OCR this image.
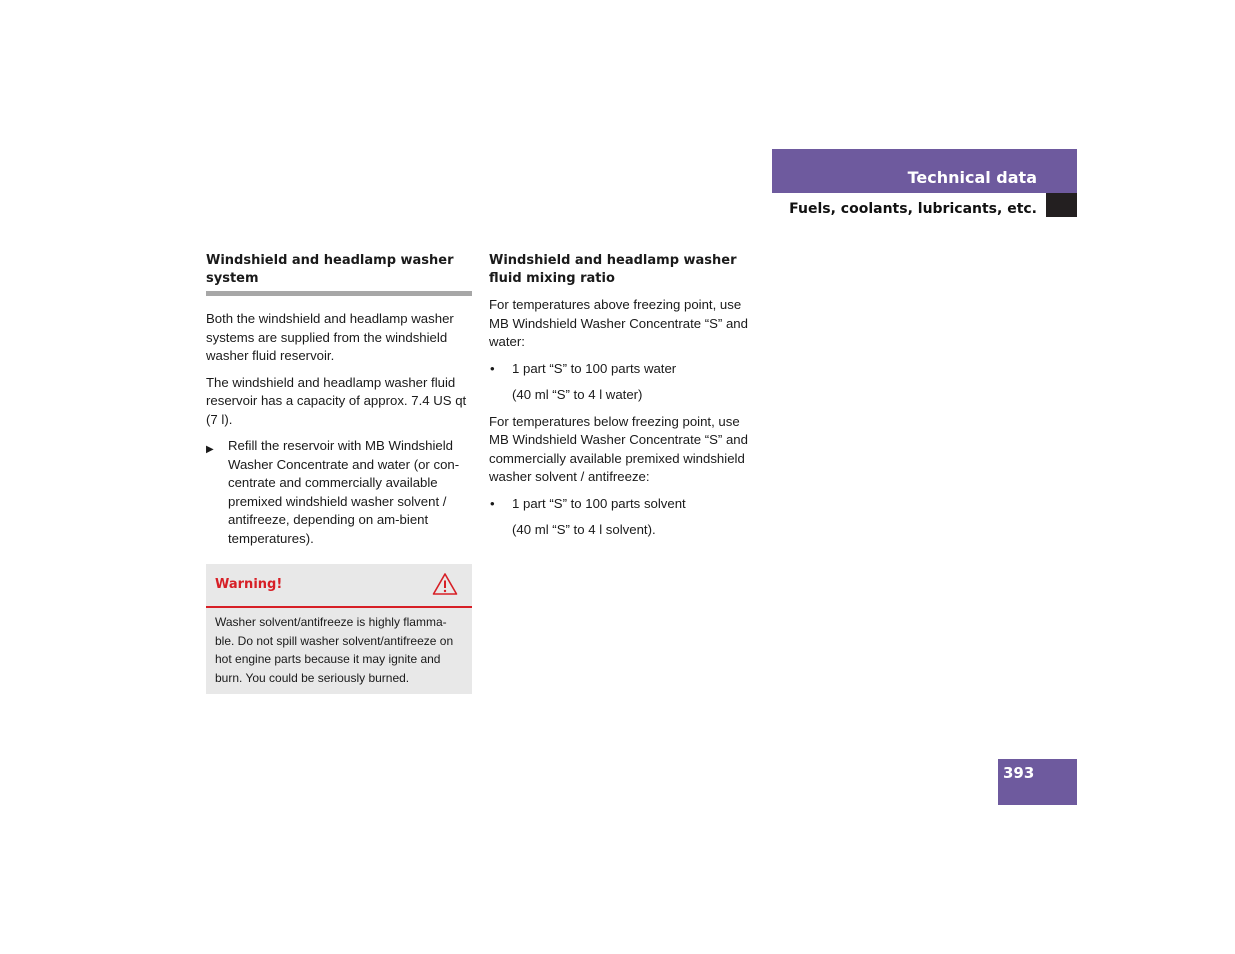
Technical data
Fuels, coolants, lubricants, etc.
Windshield and headlamp washer system

Both the windshield and headlamp washer systems are supplied from the windshield washer fluid reservoir.

The windshield and headlamp washer fluid reservoir has a capacity of approx. 7.4 US qt (7 l).

▶ Refill the reservoir with MB Windshield Washer Concentrate and water (or con-centrate and commercially available premixed windshield washer solvent / antifreeze, depending on am-bient temperatures).
Warning!
Washer solvent/antifreeze is highly flamma-ble. Do not spill washer solvent/antifreeze on hot engine parts because it may ignite and burn. You could be seriously burned.
Windshield and headlamp washer fluid mixing ratio

For temperatures above freezing point, use MB Windshield Washer Concentrate “S” and water:

• 1 part “S” to 100 parts water
(40 ml “S” to 4 l water)

For temperatures below freezing point, use MB Windshield Washer Concentrate “S” and commercially available premixed windshield washer solvent / antifreeze:

• 1 part “S” to 100 parts solvent
(40 ml “S” to 4 l solvent).
393
